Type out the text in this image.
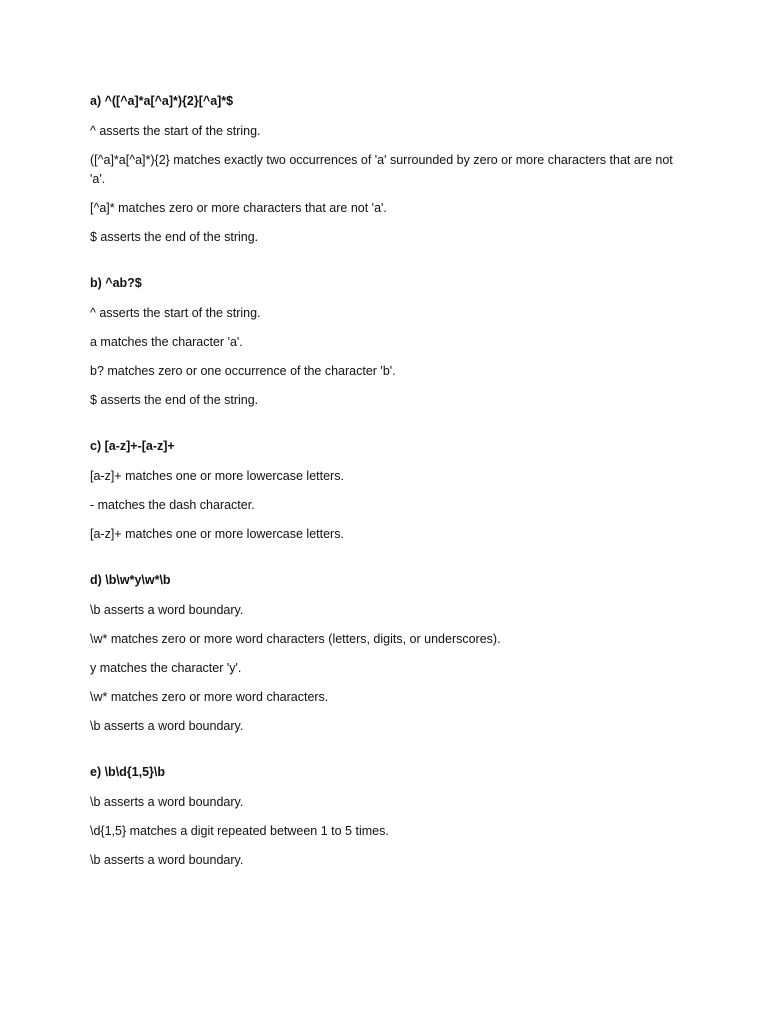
a) ^([^a]*a[^a]*){2}[^a]*$

^ asserts the start of the string.

([^a]*a[^a]*){2} matches exactly two occurrences of 'a' surrounded by zero or more characters that are not 'a'.

[^a]* matches zero or more characters that are not 'a'.

$ asserts the end of the string.

b) ^ab?$

^ asserts the start of the string.

a matches the character 'a'.

b? matches zero or one occurrence of the character 'b'.

$ asserts the end of the string.

c) [a-z]+-[a-z]+

[a-z]+ matches one or more lowercase letters.

- matches the dash character.

[a-z]+ matches one or more lowercase letters.

d) \b\w*y\w*\b

\b asserts a word boundary.

\w* matches zero or more word characters (letters, digits, or underscores).

y matches the character 'y'.

\w* matches zero or more word characters.

\b asserts a word boundary.

e) \b\d{1,5}\b

\b asserts a word boundary.

\d{1,5} matches a digit repeated between 1 to 5 times.

\b asserts a word boundary.
